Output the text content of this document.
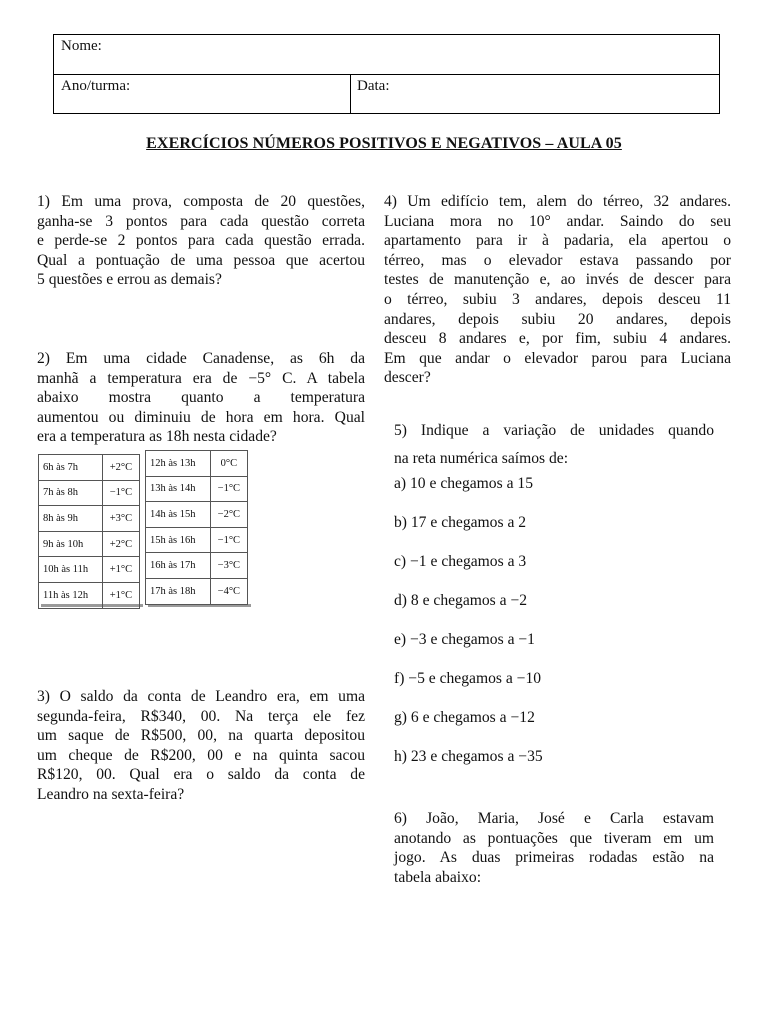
Nome:
Ano/turma:	Data:
EXERCÍCIOS NÚMEROS POSITIVOS E NEGATIVOS – AULA 05
1) Em uma prova, composta de 20 questões,
ganha-se 3 pontos para cada questão correta
e perde-se 2 pontos para cada questão errada.
Qual a pontuação de uma pessoa que acertou
5 questões e errou as demais?
2) Em uma cidade Canadense, as 6h da
manhã a temperatura era de −5° C. A tabela
abaixo mostra quanto a temperatura
aumentou ou diminuiu de hora em hora. Qual
era a temperatura as 18h nesta cidade?
6h às 7h	+2°C
7h às 8h	−1°C
8h às 9h	+3°C
9h às 10h	+2°C
10h às 11h	+1°C
11h às 12h	+1°C
12h às 13h	0°C
13h às 14h	−1°C
14h às 15h	−2°C
15h às 16h	−1°C
16h às 17h	−3°C
17h às 18h	−4°C
3) O saldo da conta de Leandro era, em uma
segunda-feira, R$340, 00. Na terça ele fez
um saque de R$500, 00, na quarta depositou
um cheque de R$200, 00 e na quinta sacou
R$120, 00. Qual era o saldo da conta de
Leandro na sexta-feira?
4) Um edifício tem, alem do térreo, 32 andares.
Luciana mora no 10° andar. Saindo do seu
apartamento para ir à padaria, ela apertou o
térreo, mas o elevador estava passando por
testes de manutenção e, ao invés de descer para
o térreo, subiu 3 andares, depois desceu 11
andares, depois subiu 20 andares, depois
desceu 8 andares e, por fim, subiu 4 andares.
Em que andar o elevador parou para Luciana
descer?
5) Indique a variação de unidades quando
na reta numérica saímos de:
a) 10 e chegamos a 15
b) 17 e chegamos a 2
c) −1 e chegamos a 3
d) 8 e chegamos a −2
e) −3 e chegamos a −1
f) −5 e chegamos a −10
g) 6 e chegamos a −12
h) 23 e chegamos a −35
6) João, Maria, José e Carla estavam
anotando as pontuações que tiveram em um
jogo. As duas primeiras rodadas estão na
tabela abaixo:
